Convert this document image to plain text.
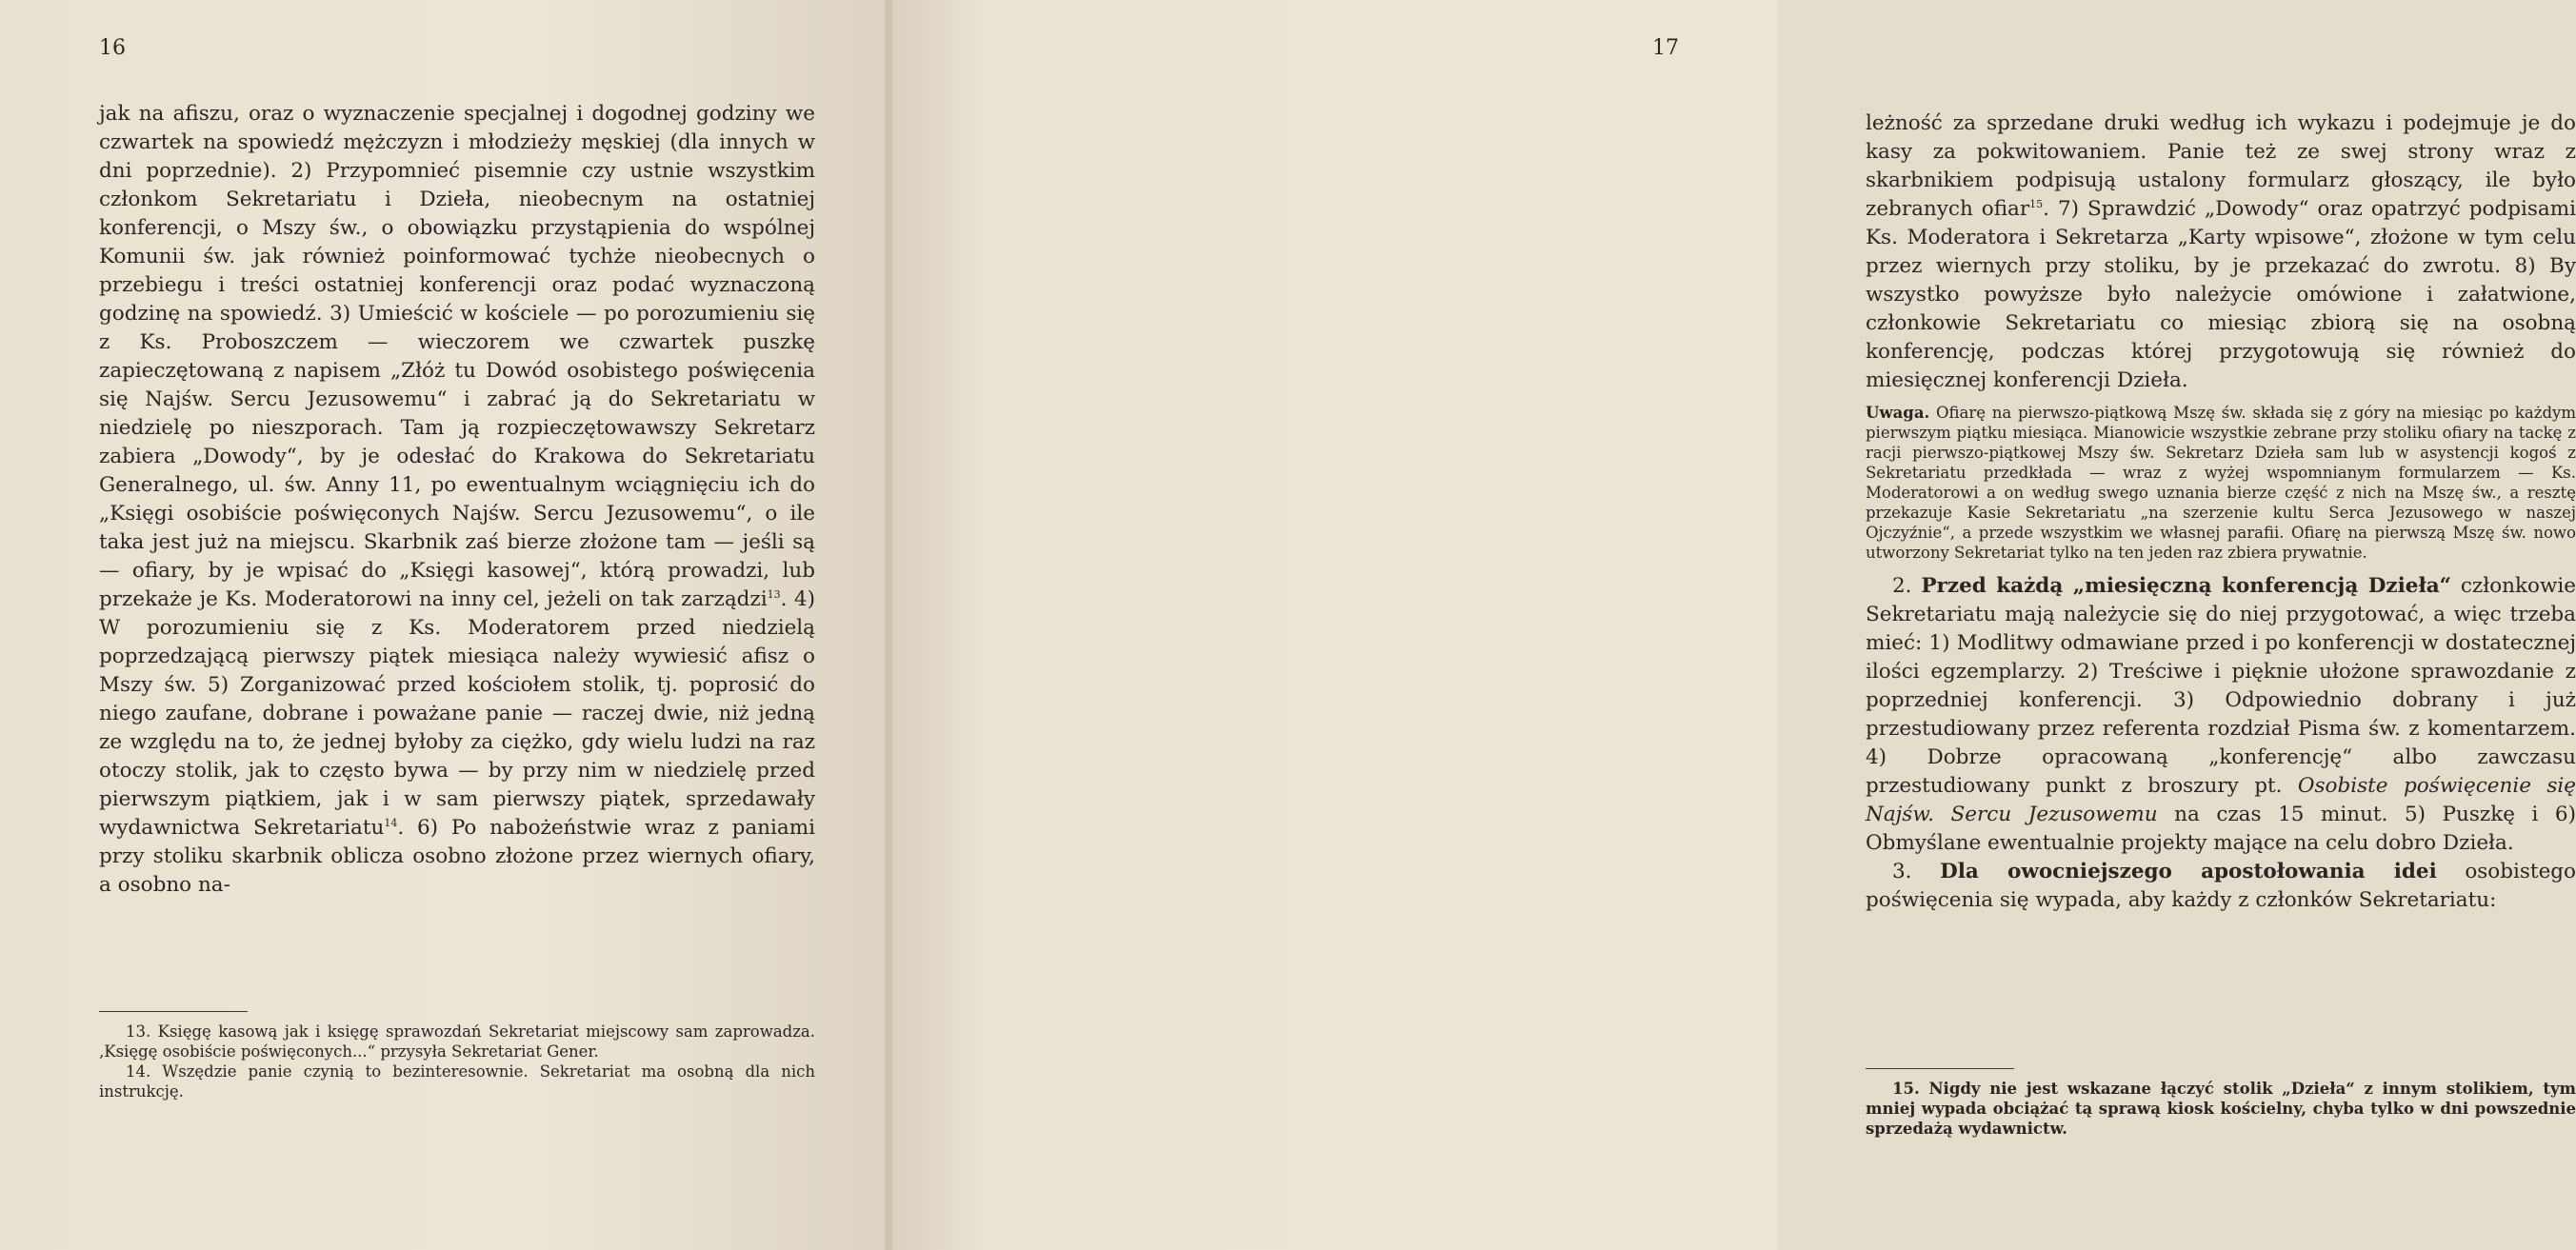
16

jak na afiszu, oraz o wyznaczenie specjalnej i dogodnej godziny we czwartek na spowiedź mężczyzn i młodzieży męskiej (dla innych w dni poprzednie). 2) Przypomnieć pisemnie czy ustnie wszystkim członkom Sekretariatu i Dzieła, nieobecnym na ostatniej konferencji, o Mszy św., o obowiązku przystąpienia do wspólnej Komunii św. jak również poinformować tychże nieobecnych o przebiegu i treści ostatniej konferencji oraz podać wyznaczoną godzinę na spowiedź. 3) Umieścić w kościele — po porozumieniu się z Ks. Proboszczem — wieczorem we czwartek puszkę zapieczętowaną z napisem „Złóż tu Dowód osobistego poświęcenia się Najśw. Sercu Jezusowemu“ i zabrać ją do Sekretariatu w niedzielę po nieszporach. Tam ją rozpieczętowawszy Sekretarz zabiera „Dowody“, by je odesłać do Krakowa do Sekretariatu Generalnego, ul. św. Anny 11, po ewentualnym wciągnięciu ich do „Księgi osobiście poświęconych Najśw. Sercu Jezusowemu“, o ile taka jest już na miejscu. Skarbnik zaś bierze złożone tam — jeśli są — ofiary, by je wpisać do „Księgi kasowej“, którą prowadzi, lub przekaże je Ks. Moderatorowi na inny cel, jeżeli on tak zarządzi$^{13}$. 4) W porozumieniu się z Ks. Moderatorem przed niedzielą poprzedzającą pierwszy piątek miesiąca należy wywiesić afisz o Mszy św. 5) Zorganizować przed kościołem stolik, tj. poprosić do niego zaufane, dobrane i poważane panie — raczej dwie, niż jedną ze względu na to, że jednej byłoby za ciężko, gdy wielu ludzi na raz otoczy stolik, jak to często bywa — by przy nim w niedzielę przed pierwszym piątkiem, jak i w sam pierwszy piątek, sprzedawały wydawnictwa Sekretariatu$^{14}$. 6) Po nabożeństwie wraz z paniami przy stoliku skarbnik oblicza osobno złożone przez wiernych ofiary, a osobno na-

13. Księgę kasową jak i księgę sprawozdań Sekretariat miejscowy sam zaprowadza. ‚Księgę osobiście poświęconych...“ przysyła Sekretariat Gener.

14. Wszędzie panie czynią to bezinteresownie. Sekretariat ma osobną dla nich instrukcję.

17

leżność za sprzedane druki według ich wykazu i podejmuje je do kasy za pokwitowaniem. Panie też ze swej strony wraz z skarbnikiem podpisują ustalony formularz głoszący, ile było zebranych ofiar$^{15}$. 7) Sprawdzić „Dowody“ oraz opatrzyć podpisami Ks. Moderatora i Sekretarza „Karty wpisowe“, złożone w tym celu przez wiernych przy stoliku, by je przekazać do zwrotu. 8) By wszystko powyższe było należycie omówione i załatwione, członkowie Sekretariatu co miesiąc zbiorą się na osobną konferencję, podczas której przygotowują się również do miesięcznej konferencji Dzieła.

Uwaga. Ofiarę na pierwszo-piątkową Mszę św. składa się z góry na miesiąc po każdym pierwszym piątku miesiąca. Mianowicie wszystkie zebrane przy stoliku ofiary na tackę z racji pierwszo-piątkowej Mszy św. Sekretarz Dzieła sam lub w asystencji kogoś z Sekretariatu przedkłada — wraz z wyżej wspomnianym formularzem — Ks. Moderatorowi a on według swego uznania bierze część z nich na Mszę św., a resztę przekazuje Kasie Sekretariatu „na szerzenie kultu Serca Jezusowego w naszej Ojczyźnie“, a przede wszystkim we własnej parafii. Ofiarę na pierwszą Mszę św. nowo utworzony Sekretariat tylko na ten jeden raz zbiera prywatnie.

2. Przed każdą „miesięczną konferencją Dzieła“ członkowie Sekretariatu mają należycie się do niej przygotować, a więc trzeba mieć: 1) Modlitwy odmawiane przed i po konferencji w dostatecznej ilości egzemplarzy. 2) Treściwe i pięknie ułożone sprawozdanie z poprzedniej konferencji. 3) Odpowiednio dobrany i już przestudiowany przez referenta rozdział Pisma św. z komentarzem. 4) Dobrze opracowaną „konferencję“ albo zawczasu przestudiowany punkt z broszury pt. Osobiste poświęcenie się Najśw. Sercu Jezusowemu na czas 15 minut. 5) Puszkę i 6) Obmyślane ewentualnie projekty mające na celu dobro Dzieła.

3. Dla owocniejszego apostołowania idei osobistego poświęcenia się wypada, aby każdy z członków Sekretariatu:

15. Nigdy nie jest wskazane łączyć stolik „Dzieła“ z innym stolikiem, tym mniej wypada obciążać tą sprawą kiosk kościelny, chyba tylko w dni powszednie sprzedażą wydawnictw.
